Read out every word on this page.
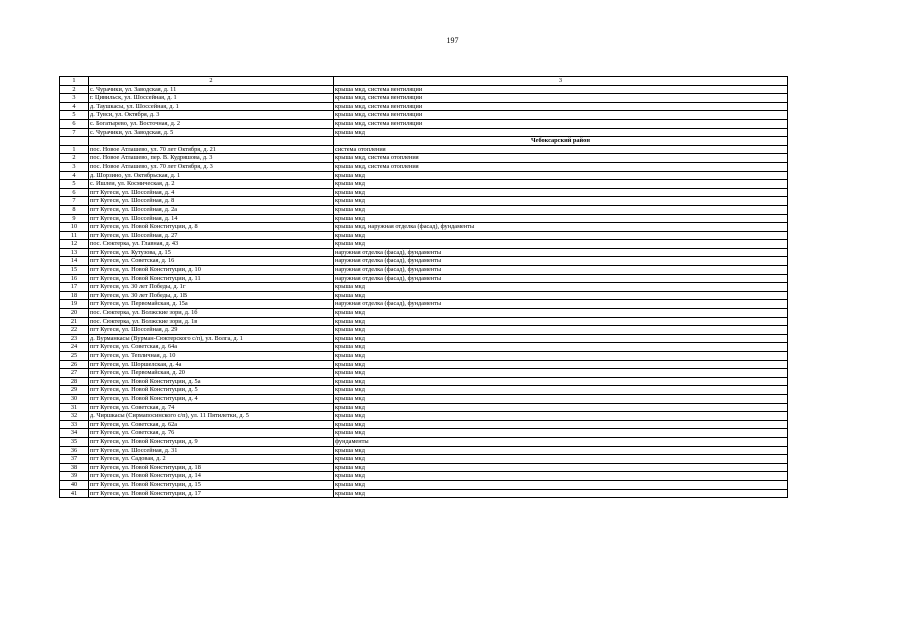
197
1	2	3
2	с. Чурачики, ул. Заводская, д. 11	крыша мкд, система вентиляции
3	г. Цивильск, ул. Шоссейная, д. 1	крыша мкд, система вентиляции
4	д. Таушкасы, ул. Шоссейная, д. 1	крыша мкд, система вентиляции
5	д. Тувси, ул. Октября, д. 3	крыша мкд, система вентиляции
6	с. Богатырево, ул. Восточная, д. 2	крыша мкд, система вентиляции
7	с. Чурачики, ул. Заводская, д. 5	крыша мкд
		Чебоксарский район
1	пос. Новое Атлашево, ул. 70 лет Октября, д. 21	система отопления
2	пос. Новое Атлашево, пер. В. Кудряшова, д. 3	крыша мкд, система отопления
3	пос. Новое Атлашево, ул. 70 лет Октября, д. 3	крыша мкд, система отопления
4	д. Шорзино, ул. Октябрьская, д. 1	крыша мкд
5	с. Ишлеи, ул. Космическая, д. 2	крыша мкд
6	пгт Кугеси, ул. Шоссейная, д. 4	крыша мкд
7	пгт Кугеси, ул. Шоссейная, д. 8	крыша мкд
8	пгт Кугеси, ул. Шоссейная, д. 2а	крыша мкд
9	пгт Кугеси, ул. Шоссейная, д. 14	крыша мкд
10	пгт Кугеси, ул. Новой Конституции, д. 8	крыша мкд, наружная отделка (фасад), фундаменты
11	пгт Кугеси, ул. Шоссейная, д. 27	крыша мкд
12	пос. Сюктерка, ул. Главная, д. 43	крыша мкд
13	пгт Кугеси, ул. Кутузова, д. 15	наружная отделка (фасад), фундаменты
14	пгт Кугеси, ул. Советская, д. 16	наружная отделка (фасад), фундаменты
15	пгт Кугеси, ул. Новой Конституции, д. 10	наружная отделка (фасад), фундаменты
16	пгт Кугеси, ул. Новой Конституции, д. 11	наружная отделка (фасад), фундаменты
17	пгт Кугеси, ул. 30 лет Победы, д. 1г	крыша мкд
18	пгт Кугеси, ул. 30 лет Победы, д. 1В	крыша мкд
19	пгт Кугеси, ул. Первомайская, д. 15а	наружная отделка (фасад), фундаменты
20	пос. Сюктерка, ул. Волжские зори, д. 1б	крыша мкд
21	пос. Сюктерка, ул. Волжские зори, д. 1в	крыша мкд
22	пгт Кугеси, ул. Шоссейная, д. 29	крыша мкд
23	д. Вурманкасы (Вурман-Сюктерского с/п), ул. Волга, д. 1	крыша мкд
24	пгт Кугеси, ул. Советская, д. 64а	крыша мкд
25	пгт Кугеси, ул. Тепличная, д. 10	крыша мкд
26	пгт Кугеси, ул. Шоршелская, д. 4а	крыша мкд
27	пгт Кугеси, ул. Первомайская, д. 20	крыша мкд
28	пгт Кугеси, ул. Новой Конституции, д. 5а	крыша мкд
29	пгт Кугеси, ул. Новой Конституции, д. 5	крыша мкд
30	пгт Кугеси, ул. Новой Конституции, д. 4	крыша мкд
31	пгт Кугеси, ул. Советская, д. 74	крыша мкд
32	д. Чиршкасы (Сирмапосинского с/п), ул. 11 Пятилетки, д. 5	крыша мкд
33	пгт Кугеси, ул. Советская, д. 62а	крыша мкд
34	пгт Кугеси, ул. Советская, д. 76	крыша мкд
35	пгт Кугеси, ул. Новой Конституции, д. 9	фундаменты
36	пгт Кугеси, ул. Шоссейная, д. 31	крыша мкд
37	пгт Кугеси, ул. Садовая, д. 2	крыша мкд
38	пгт Кугеси, ул. Новой Конституции, д. 18	крыша мкд
39	пгт Кугеси, ул. Новой Конституции, д. 14	крыша мкд
40	пгт Кугеси, ул. Новой Конституции, д. 15	крыша мкд
41	пгт Кугеси, ул. Новой Конституции, д. 17	крыша мкд
